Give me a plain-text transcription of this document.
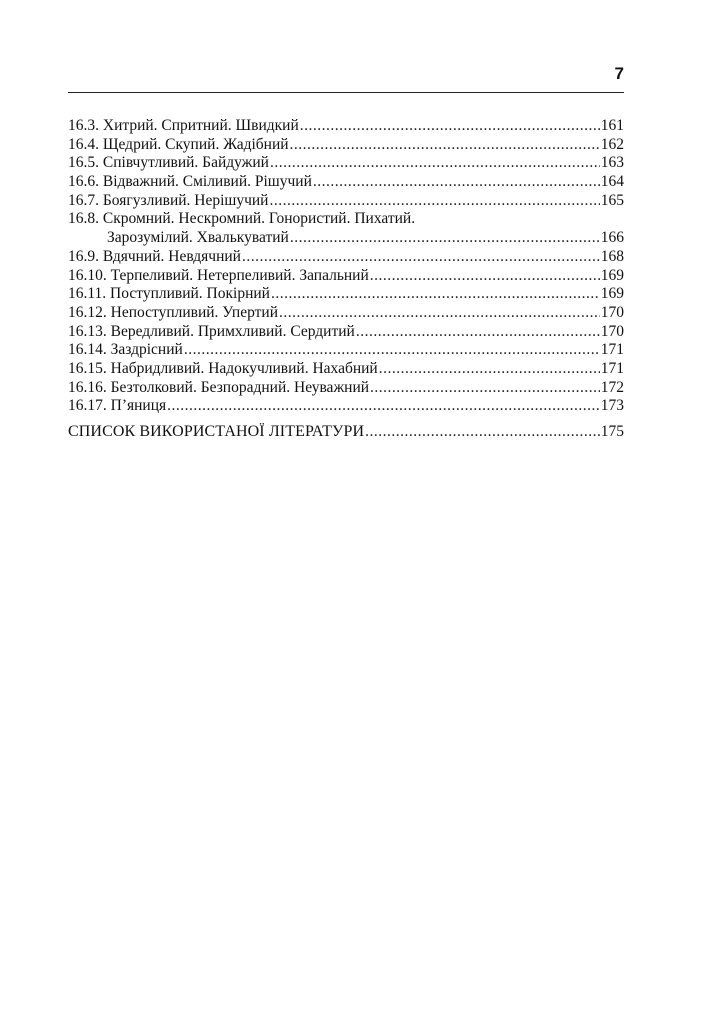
7
16.3. Хитрий. Спритний. Швидкий .....	161
16.4. Щедрий. Скупий. Жадібний .....	162
16.5. Співчутливий. Байдужий .....	163
16.6. Відважний. Сміливий. Рішучий .....	164
16.7. Боягузливий. Нерішучий .....	165
16.8. Скромний. Нескромний. Гонористий. Пихатий.
Зарозумілий. Хвалькуватий .....	166
16.9. Вдячний. Невдячний .....	168
16.10. Терпеливий. Нетерпеливий. Запальний .....	169
16.11. Поступливий. Покірний .....	169
16.12. Непоступливий. Упертий .....	170
16.13. Вередливий. Примхливий. Сердитий .....	170
16.14. Заздрісний .....	171
16.15. Набридливий. Надокучливий. Нахабний .....	171
16.16. Безтолковий. Безпорадний. Неуважний .....	172
16.17. П’яниця .....	173
СПИСОК ВИКОРИСТАНОЇ ЛІТЕРАТУРИ .....	175
